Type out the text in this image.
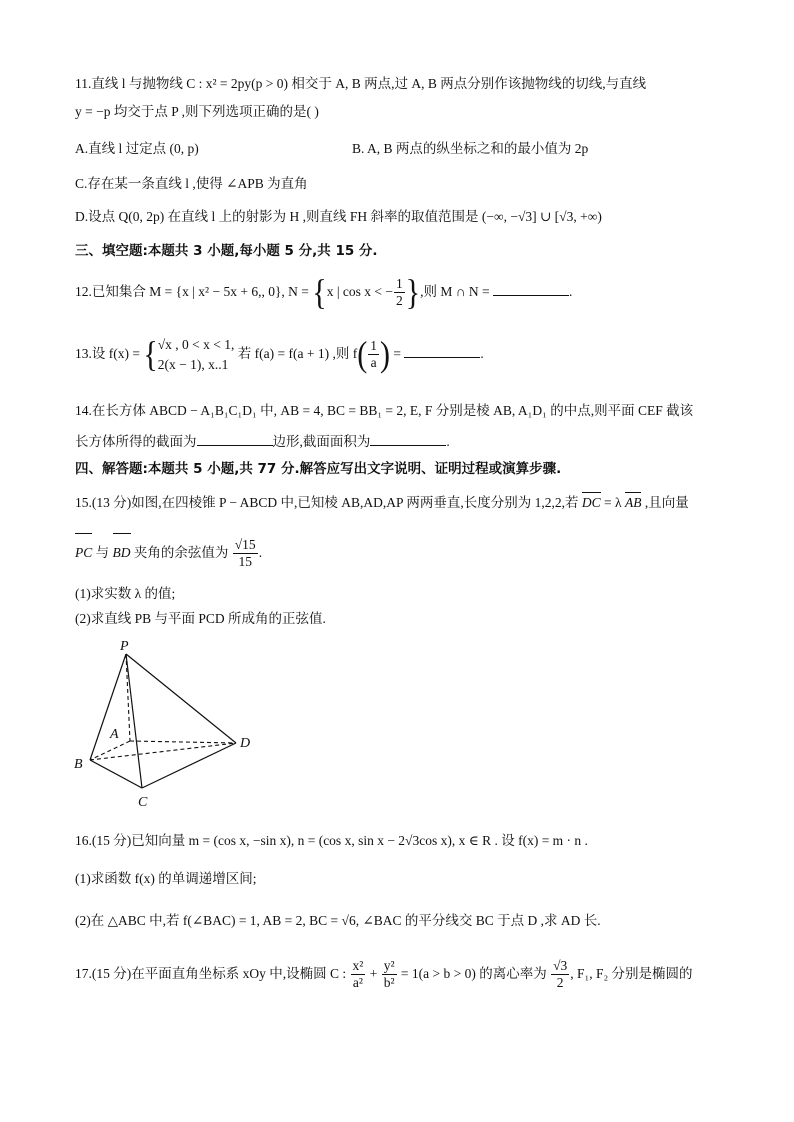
11.直线 l 与抛物线 C : x² = 2py(p > 0) 相交于 A, B 两点,过 A, B 两点分别作该抛物线的切线,与直线
y = −p 均交于点 P ,则下列选项正确的是( )
A.直线 l 过定点 (0, p)	B. A, B 两点的纵坐标之和的最小值为 2p
C.存在某一条直线 l ,使得 ∠APB 为直角
D.设点 Q(0, 2p) 在直线 l 上的射影为 H ,则直线 FH 斜率的取值范围是 (−∞, −√3] ∪ [√3, +∞)
三、填空题:本题共 3 小题,每小题 5 分,共 15 分.
12.已知集合 M = {x | x² − 5x + 6,, 0}, N = {x | cos x < − $\frac{1}{2}$ },则 M ∩ N =	.
13.设 f(x) = { √x , 0 < x < 1,
2(x − 1), x..1
若 f(a) = f(a + 1) ,则 $f( \frac{1}{a}$ ) =	.
14.在长方体 ABCD − A₁B₁C₁D₁ 中, AB = 4, BC = BB₁ = 2, E, F 分别是棱 AB, A₁D₁ 的中点,则平面 CEF 截该
长方体所得的截面为	边形,截面面积为	.
四、解答题:本题共 5 小题,共 77 分.解答应写出文字说明、证明过程或演算步骤.
15.(13 分)如图,在四棱锥 P − ABCD 中,已知棱 AB,AD,AP 两两垂直,长度分别为 1,2,2,若 DC = λ AB ,且向量
PC 与 BD 夹角的余弦值为 $\frac{√15}{15}$ .
(1)求实数 λ 的值;
(2)求直线 PB 与平面 PCD 所成角的正弦值.
P
A
B
C
D
16.(15 分)已知向量 m = (cos x, −sin x), n = (cos x, sin x − 2√3cos x), x ∈ R . 设 f(x) = m · n .
(1)求函数 f(x) 的单调递增区间;
(2)在 △ABC 中,若 f(∠BAC) = 1, AB = 2, BC = √6, ∠BAC 的平分线交 BC 于点 D ,求 AD 长.
17.(15 分)在平面直角坐标系 xOy 中,设椭圆 C : $\frac{\text{x²}}{\text{a²}} + \frac{\text{y²}}{\text{b²}} = 1(a > b > 0)$ 的离心率为 $\frac{√3}{2}$ , F₁, F₂ 分别是椭圆的
